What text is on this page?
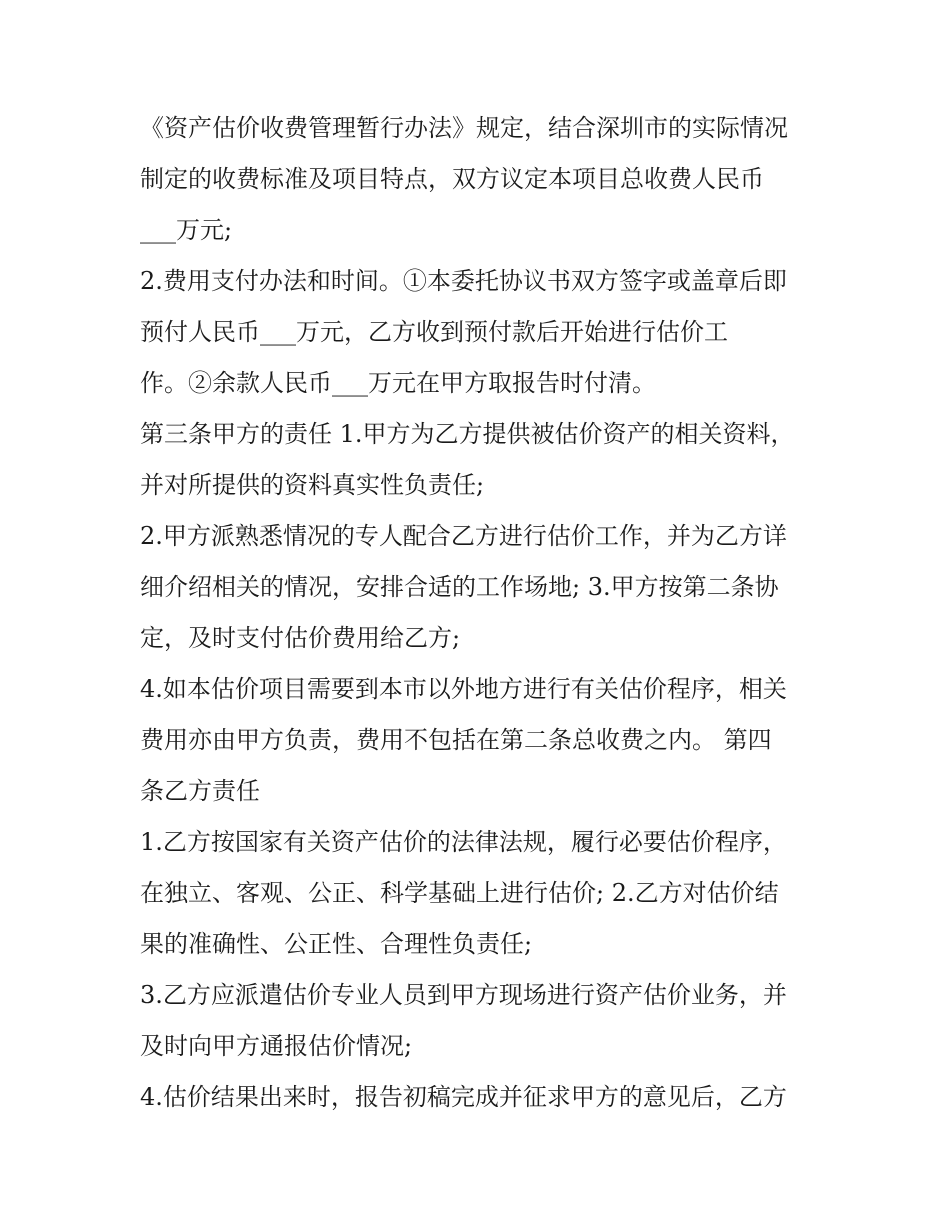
《资产估价收费管理暂行办法》规定，结合深圳市的实际情况
制定的收费标准及项目特点，双方议定本项目总收费人民币
___万元;
2.费用支付办法和时间。①本委托协议书双方签字或盖章后即
预付人民币___万元，乙方收到预付款后开始进行估价工
作。②余款人民币___万元在甲方取报告时付清。
第三条甲方的责任 1.甲方为乙方提供被估价资产的相关资料，
并对所提供的资料真实性负责任;
2.甲方派熟悉情况的专人配合乙方进行估价工作，并为乙方详
细介绍相关的情况，安排合适的工作场地; 3.甲方按第二条协
定，及时支付估价费用给乙方;
4.如本估价项目需要到本市以外地方进行有关估价程序，相关
费用亦由甲方负责，费用不包括在第二条总收费之内。 第四
条乙方责任
1.乙方按国家有关资产估价的法律法规，履行必要估价程序，
在独立、客观、公正、科学基础上进行估价; 2.乙方对估价结
果的准确性、公正性、合理性负责任;
3.乙方应派遣估价专业人员到甲方现场进行资产估价业务，并
及时向甲方通报估价情况;
4.估价结果出来时，报告初稿完成并征求甲方的意见后，乙方
